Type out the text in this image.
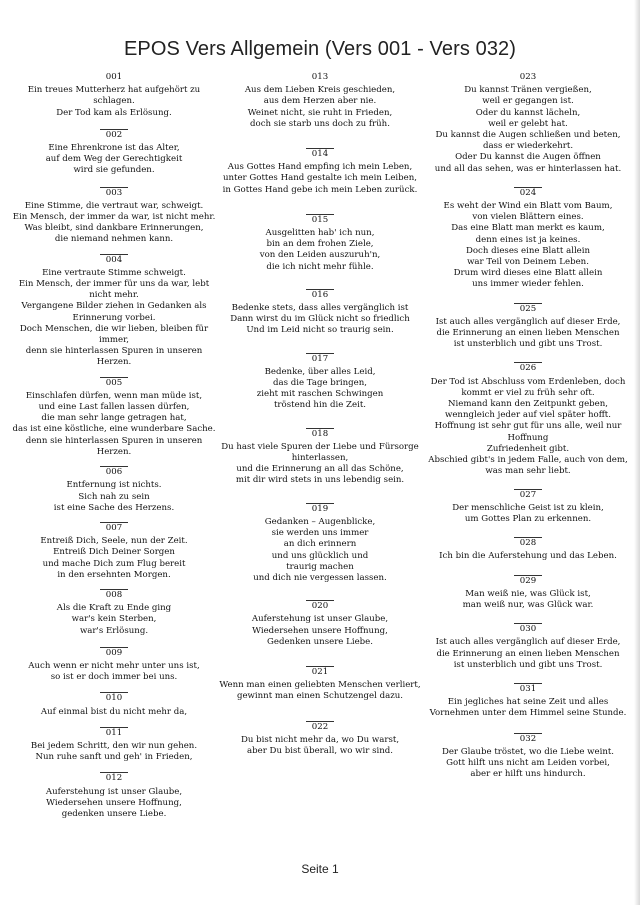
EPOS Vers Allgemein (Vers 001 - Vers 032)
001
Ein treues Mutterherz hat aufgehört zu
schlagen.
Der Tod kam als Erlösung.
002
Eine Ehrenkrone ist das Alter,
auf dem Weg der Gerechtigkeit
wird sie gefunden.
003
Eine Stimme, die vertraut war, schweigt.
Ein Mensch, der immer da war, ist nicht mehr.
Was bleibt, sind dankbare Erinnerungen,
die niemand nehmen kann.
004
Eine vertraute Stimme schweigt.
Ein Mensch, der immer für uns da war, lebt
nicht mehr.
Vergangene Bilder ziehen in Gedanken als
Erinnerung vorbei.
Doch Menschen, die wir lieben, bleiben für
immer,
denn sie hinterlassen Spuren in unseren
Herzen.
005
Einschlafen dürfen, wenn man müde ist,
und eine Last fallen lassen dürfen,
die man sehr lange getragen hat,
das ist eine köstliche, eine wunderbare Sache.
denn sie hinterlassen Spuren in unseren
Herzen.
006
Entfernung ist nichts.
Sich nah zu sein
ist eine Sache des Herzens.
007
Entreiß Dich, Seele, nun der Zeit.
Entreiß Dich Deiner Sorgen
und mache Dich zum Flug bereit
in den ersehnten Morgen.
008
Als die Kraft zu Ende ging
war's kein Sterben,
war's Erlösung.
009
Auch wenn er nicht mehr unter uns ist,
so ist er doch immer bei uns.
010
Auf einmal bist du nicht mehr da,
011
Bei jedem Schritt, den wir nun gehen.
Nun ruhe sanft und geh' in Frieden,
012
Auferstehung ist unser Glaube,
Wiedersehen unsere Hoffnung,
gedenken unsere Liebe.
013
Aus dem Lieben Kreis geschieden,
aus dem Herzen aber nie.
Weinet nicht, sie ruht in Frieden,
doch sie starb uns doch zu früh.
014
Aus Gottes Hand empfing ich mein Leben,
unter Gottes Hand gestalte ich mein Leiben,
in Gottes Hand gebe ich mein Leben zurück.
015
Ausgelitten hab' ich nun,
bin an dem frohen Ziele,
von den Leiden auszuruh'n,
die ich nicht mehr fühle.
016
Bedenke stets, dass alles vergänglich ist
Dann wirst du im Glück nicht so friedlich
Und im Leid nicht so traurig sein.
017
Bedenke, über alles Leid,
das die Tage bringen,
zieht mit raschen Schwingen
tröstend hin die Zeit.
018
Du hast viele Spuren der Liebe und Fürsorge
hinterlassen,
und die Erinnerung an all das Schöne,
mit dir wird stets in uns lebendig sein.
019
Gedanken – Augenblicke,
sie werden uns immer
an dich erinnern
und uns glücklich und
traurig machen
und dich nie vergessen lassen.
020
Auferstehung ist unser Glaube,
Wiedersehen unsere Hoffnung,
Gedenken unsere Liebe.
021
Wenn man einen geliebten Menschen verliert,
gewinnt man einen Schutzengel dazu.
022
Du bist nicht mehr da, wo Du warst,
aber Du bist überall, wo wir sind.
023
Du kannst Tränen vergießen,
weil er gegangen ist.
Oder du kannst lächeln,
weil er gelebt hat.
Du kannst die Augen schließen und beten,
dass er wiederkehrt.
Oder Du kannst die Augen öffnen
und all das sehen, was er hinterlassen hat.
024
Es weht der Wind ein Blatt vom Baum,
von vielen Blättern eines.
Das eine Blatt man merkt es kaum,
denn eines ist ja keines.
Doch dieses eine Blatt allein
war Teil von Deinem Leben.
Drum wird dieses eine Blatt allein
uns immer wieder fehlen.
025
Ist auch alles vergänglich auf dieser Erde,
die Erinnerung an einen lieben Menschen
ist unsterblich und gibt uns Trost.
026
Der Tod ist Abschluss vom Erdenleben, doch
kommt er viel zu früh sehr oft.
Niemand kann den Zeitpunkt geben,
wenngleich jeder auf viel später hofft.
Hoffnung ist sehr gut für uns alle, weil nur
Hoffnung
Zufriedenheit gibt.
Abschied gibt's in jedem Falle, auch von dem,
was man sehr liebt.
027
Der menschliche Geist ist zu klein,
um Gottes Plan zu erkennen.
028
Ich bin die Auferstehung und das Leben.
029
Man weiß nie, was Glück ist,
man weiß nur, was Glück war.
030
Ist auch alles vergänglich auf dieser Erde,
die Erinnerung an einen lieben Menschen
ist unsterblich und gibt uns Trost.
031
Ein jegliches hat seine Zeit und alles
Vornehmen unter dem Himmel seine Stunde.
032
Der Glaube tröstet, wo die Liebe weint.
Gott hilft uns nicht am Leiden vorbei,
aber er hilft uns hindurch.
Seite 1
